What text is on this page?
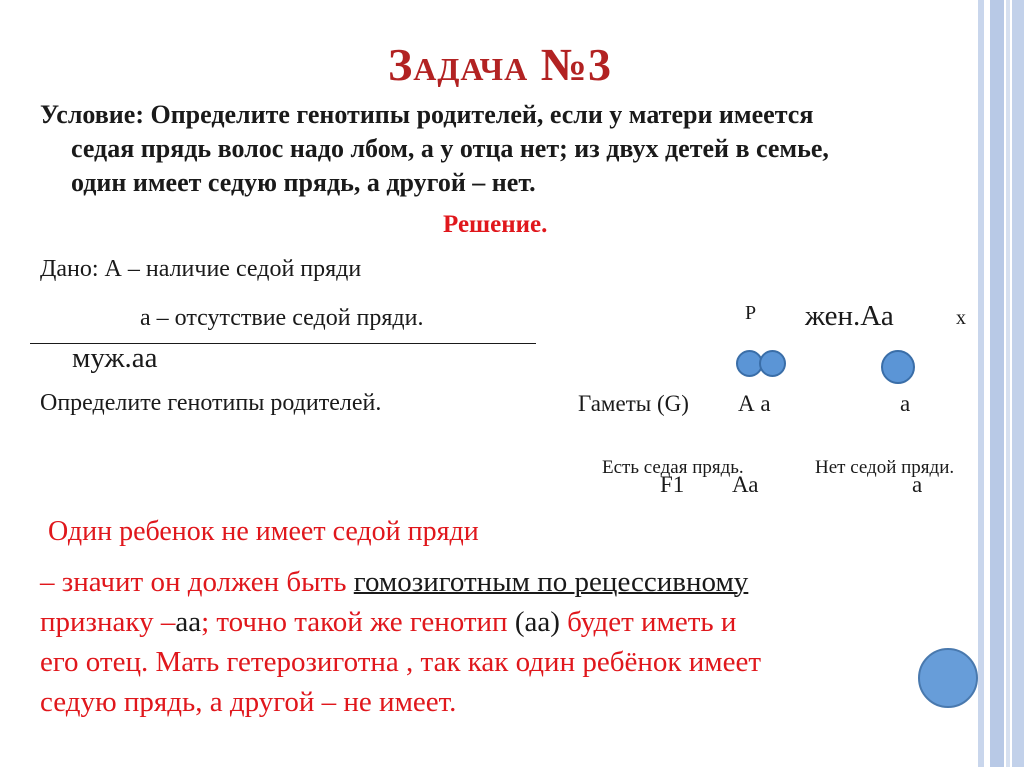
Задача №3
Условие: Определите генотипы родителей, если у матери имеется
седая прядь волос надо лбом, а у отца нет; из двух детей в семье,
один имеет седую прядь, а другой – нет.
Решение.
Дано: А – наличие седой пряди
а – отсутствие седой пряди.
муж.аа
Определите генотипы родителей.
Р жен.Аа	х
Гаметы (G) А а	а
F1 Аа	а
Есть седая прядь.	Нет седой пряди.
Один ребенок не имеет седой пряди
– значит он должен быть гомозиготным по рецессивному
признаку –аа; точно такой же генотип (аа) будет иметь и
его отец. Мать гетерозиготна , так как один ребёнок имеет
седую прядь, а другой – не имеет.
